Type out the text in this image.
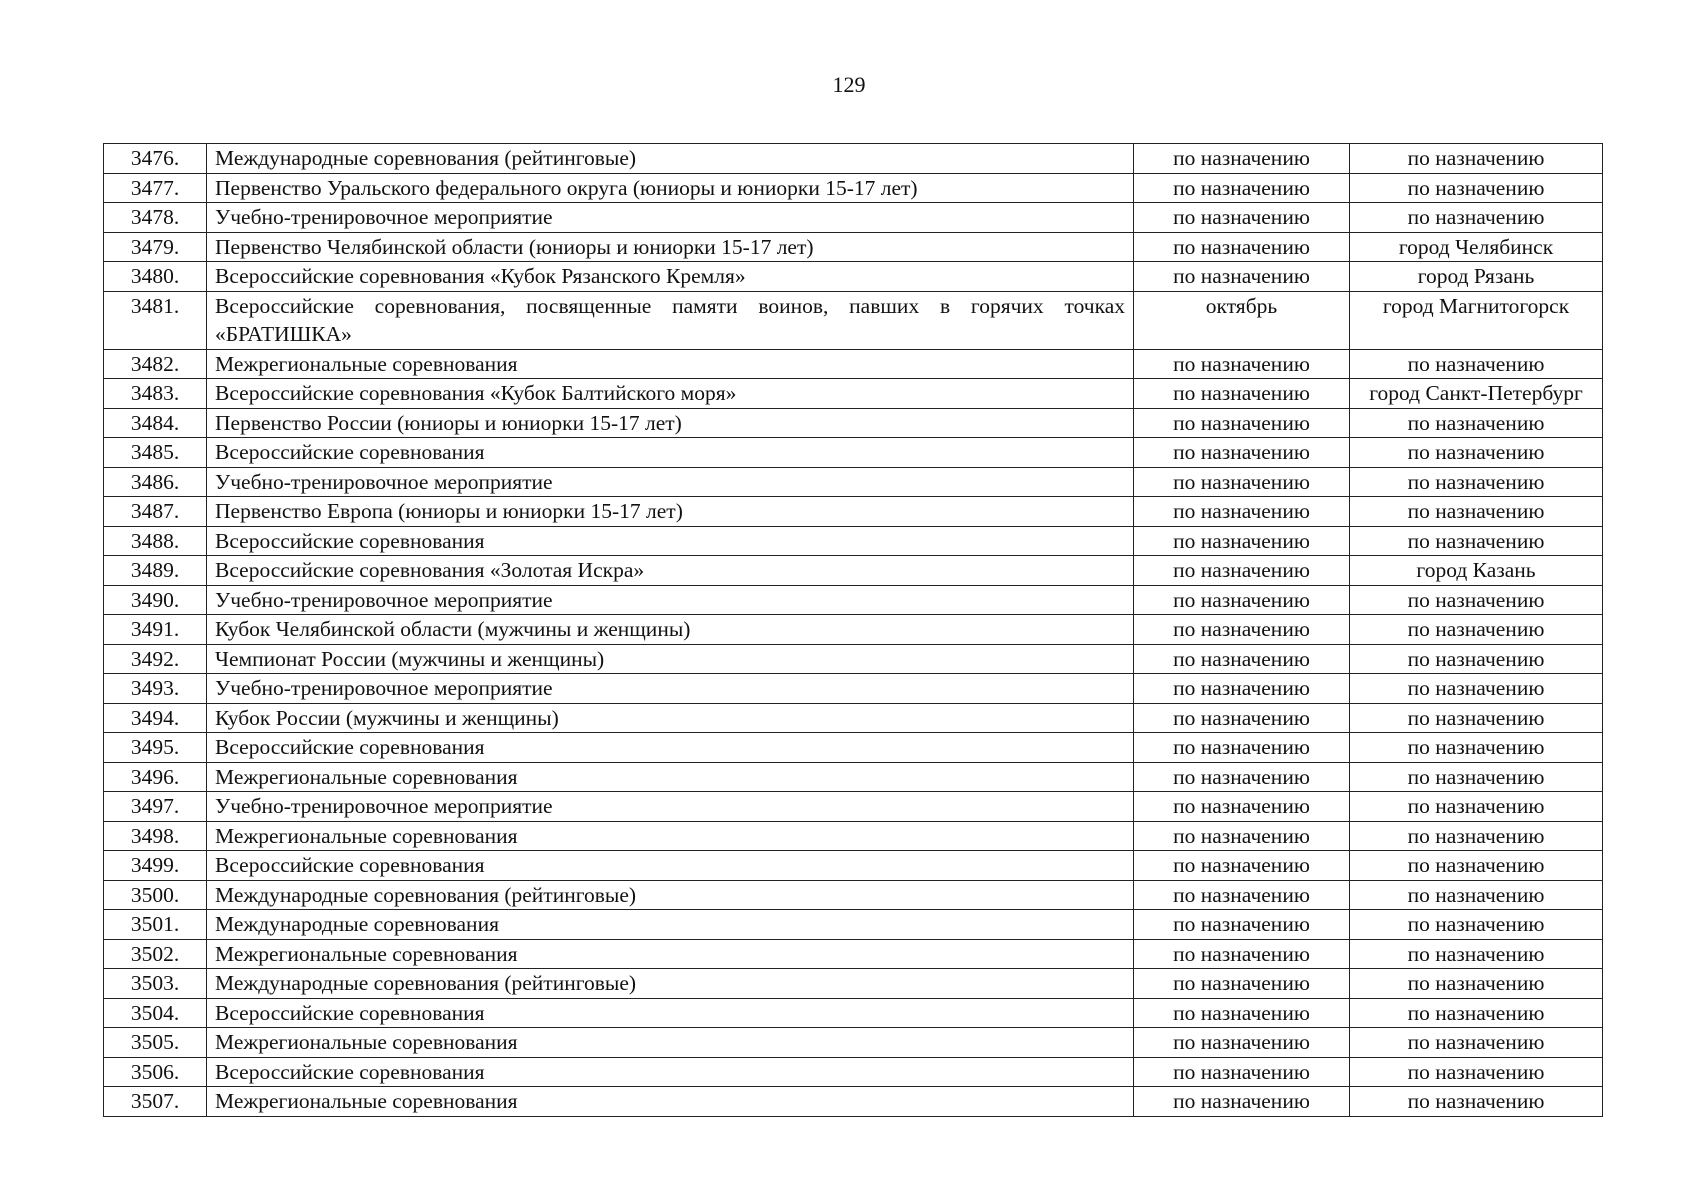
129
3476.	Международные соревнования (рейтинговые)	по назначению	по назначению
3477.	Первенство Уральского федерального округа (юниоры и юниорки 15-17 лет)	по назначению	по назначению
3478.	Учебно-тренировочное мероприятие	по назначению	по назначению
3479.	Первенство Челябинской области (юниоры и юниорки 15-17 лет)	по назначению	город Челябинск
3480.	Всероссийские соревнования «Кубок Рязанского Кремля»	по назначению	город Рязань
3481.	Всероссийские соревнования, посвященные памяти воинов, павших в горячих точках «БРАТИШКА»	октябрь	город Магнитогорск
3482.	Межрегиональные соревнования	по назначению	по назначению
3483.	Всероссийские соревнования «Кубок Балтийского моря»	по назначению	город Санкт-Петербург
3484.	Первенство России (юниоры и юниорки 15-17 лет)	по назначению	по назначению
3485.	Всероссийские соревнования	по назначению	по назначению
3486.	Учебно-тренировочное мероприятие	по назначению	по назначению
3487.	Первенство Европа (юниоры и юниорки 15-17 лет)	по назначению	по назначению
3488.	Всероссийские соревнования	по назначению	по назначению
3489.	Всероссийские соревнования «Золотая Искра»	по назначению	город Казань
3490.	Учебно-тренировочное мероприятие	по назначению	по назначению
3491.	Кубок Челябинской области (мужчины и женщины)	по назначению	по назначению
3492.	Чемпионат России (мужчины и женщины)	по назначению	по назначению
3493.	Учебно-тренировочное мероприятие	по назначению	по назначению
3494.	Кубок России (мужчины и женщины)	по назначению	по назначению
3495.	Всероссийские соревнования	по назначению	по назначению
3496.	Межрегиональные соревнования	по назначению	по назначению
3497.	Учебно-тренировочное мероприятие	по назначению	по назначению
3498.	Межрегиональные соревнования	по назначению	по назначению
3499.	Всероссийские соревнования	по назначению	по назначению
3500.	Международные соревнования (рейтинговые)	по назначению	по назначению
3501.	Международные соревнования	по назначению	по назначению
3502.	Межрегиональные соревнования	по назначению	по назначению
3503.	Международные соревнования (рейтинговые)	по назначению	по назначению
3504.	Всероссийские соревнования	по назначению	по назначению
3505.	Межрегиональные соревнования	по назначению	по назначению
3506.	Всероссийские соревнования	по назначению	по назначению
3507.	Межрегиональные соревнования	по назначению	по назначению
